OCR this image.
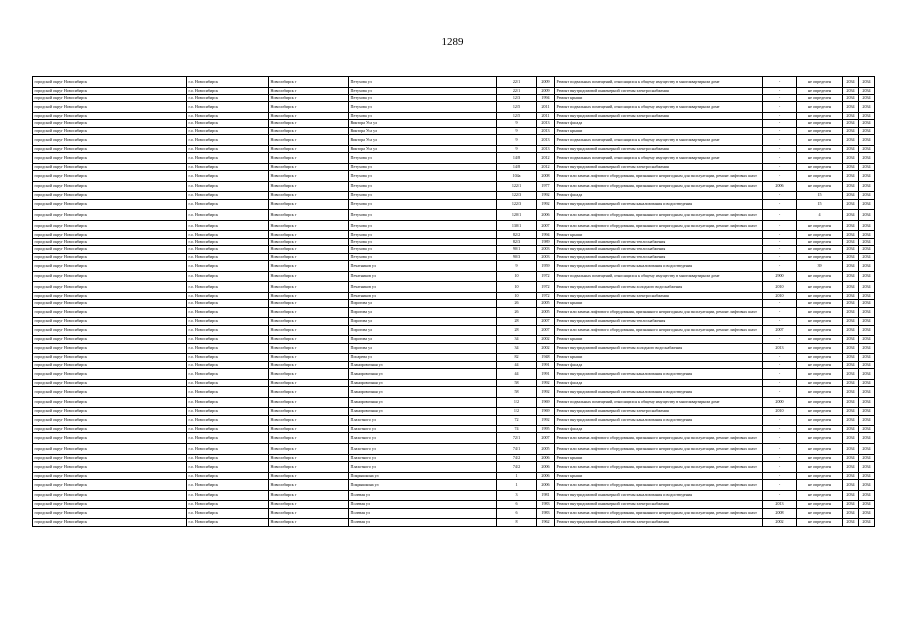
1289
городской округ Новосибирск	г.о. Новосибирск	Новосибирск г	Петухова ул	22/1	2009	Ремонт подвальных помещений, относящихся к общему имуществу в многоквартирном доме	-	не определен	2034	2034
городской округ Новосибирск	г.о. Новосибирск	Новосибирск г	Петухова ул	22/1	2009	Ремонт внутридомовой инженерной системы электроснабжения	-	не определен	2034	2034
городской округ Новосибирск	г.о. Новосибирск	Новосибирск г	Петухова ул	12/3	1994	Ремонт крыши	-	не определен	2034	2034
городской округ Новосибирск	г.о. Новосибирск	Новосибирск г	Петухова ул	12/5	2011	Ремонт подвальных помещений, относящихся к общему имуществу в многоквартирном доме	-	не определен	2034	2034
городской округ Новосибирск	г.о. Новосибирск	Новосибирск г	Петухова ул	12/5	2011	Ремонт внутридомовой инженерной системы электроснабжения	-	не определен	2034	2034
городской округ Новосибирск	г.о. Новосибирск	Новосибирск г	Виктора Уса ул	9	2013	Ремонт фасада	-	не определен	2034	2034
городской округ Новосибирск	г.о. Новосибирск	Новосибирск г	Виктора Уса ул	9	2013	Ремонт крыши	-	не определен	2034	2034
городской округ Новосибирск	г.о. Новосибирск	Новосибирск г	Виктора Уса ул	9	2013	Ремонт подвальных помещений, относящихся к общему имуществу в многоквартирном доме	-	не определен	2034	2034
городской округ Новосибирск	г.о. Новосибирск	Новосибирск г	Виктора Уса ул	9	2013	Ремонт внутридомовой инженерной системы электроснабжения	-	не определен	2034	2034
городской округ Новосибирск	г.о. Новосибирск	Новосибирск г	Петухова ул	14/8	2012	Ремонт подвальных помещений, относящихся к общему имуществу в многоквартирном доме	-	не определен	2034	2034
городской округ Новосибирск	г.о. Новосибирск	Новосибирск г	Петухова ул	14/8	2012	Ремонт внутридомовой инженерной системы электроснабжения	-	не определен	2034	2034
городской округ Новосибирск	г.о. Новосибирск	Новосибирск г	Петухова ул	104а	2008	Ремонт или замена лифтового оборудования, признанного непригодным для эксплуатации, ремонт лифтовых шахт	-	не определен	2034	2034
городской округ Новосибирск	г.о. Новосибирск	Новосибирск г	Петухова ул	122/1	1977	Ремонт или замена лифтового оборудования, признанного непригодным для эксплуатации, ремонт лифтовых шахт	2006	не определен	2034	2034
городской округ Новосибирск	г.о. Новосибирск	Новосибирск г	Петухова ул	122/3	1992	Ремонт фасада	-	15	2034	2034
городской округ Новосибирск	г.о. Новосибирск	Новосибирск г	Петухова ул	122/3	1992	Ремонт внутридомовой инженерной системы канализования и водоотведения	-	15	2034	2034
городской округ Новосибирск	г.о. Новосибирск	Новосибирск г	Петухова ул	120/1	2006	Ремонт или замена лифтового оборудования, признанного непригодным для эксплуатации, ремонт лифтовых шахт	-	4	2034	2034
городской округ Новосибирск	г.о. Новосибирск	Новосибирск г	Петухова ул	130/1	2007	Ремонт или замена лифтового оборудования, признанного непригодным для эксплуатации, ремонт лифтовых шахт	-	не определен	2034	2034
городской округ Новосибирск	г.о. Новосибирск	Новосибирск г	Петухова ул	82/2	1994	Ремонт крыши	-	не определен	2034	2034
городской округ Новосибирск	г.о. Новосибирск	Новосибирск г	Петухова ул	82/3	1989	Ремонт внутридомовой инженерной системы теплоснабжения	-	не определен	2034	2034
городской округ Новосибирск	г.о. Новосибирск	Новосибирск г	Петухова ул	90/1	2003	Ремонт внутридомовой инженерной системы теплоснабжения	-	не определен	2034	2034
городской округ Новосибирск	г.о. Новосибирск	Новосибирск г	Петухова ул	90/3	2003	Ремонт внутридомовой инженерной системы теплоснабжения	-	не определен	2034	2034
городской округ Новосибирск	г.о. Новосибирск	Новосибирск г	Печатников ул	9	1959	Ремонт внутридомовой инженерной системы канализования и водоотведения	-	39	2034	2034
городской округ Новосибирск	г.о. Новосибирск	Новосибирск г	Печатников ул	10	1972	Ремонт подвальных помещений, относящихся к общему имуществу в многоквартирном доме	2900	не определен	2034	2034
городской округ Новосибирск	г.о. Новосибирск	Новосибирск г	Печатников ул	10	1972	Ремонт внутридомовой инженерной системы холодного водоснабжения	2010	не определен	2034	2034
городской округ Новосибирск	г.о. Новосибирск	Новосибирск г	Печатников ул	10	1972	Ремонт внутридомовой инженерной системы электроснабжения	2010	не определен	2034	2034
городской округ Новосибирск	г.о. Новосибирск	Новосибирск г	Пирогова ул	26	2005	Ремонт крыши	-	не определен	2034	2034
городской округ Новосибирск	г.о. Новосибирск	Новосибирск г	Пирогова ул	26	2005	Ремонт или замена лифтового оборудования, признанного непригодным для эксплуатации, ремонт лифтовых шахт	-	не определен	2034	2034
городской округ Новосибирск	г.о. Новосибирск	Новосибирск г	Пирогова ул	28	2007	Ремонт внутридомовой инженерной системы теплоснабжения	-	не определен	2034	2034
городской округ Новосибирск	г.о. Новосибирск	Новосибирск г	Пирогова ул	28	2007	Ремонт или замена лифтового оборудования, признанного непригодным для эксплуатации, ремонт лифтовых шахт	2007	не определен	2034	2034
городской округ Новосибирск	г.о. Новосибирск	Новосибирск г	Пирогова ул	34	2002	Ремонт крыши	-	не определен	2034	2034
городской округ Новосибирск	г.о. Новосибирск	Новосибирск г	Пирогова ул	34	2002	Ремонт внутридомовой инженерной системы холодного водоснабжения	2013	не определен	2034	2034
городской округ Новосибирск	г.о. Новосибирск	Новосибирск г	Писарева ул	82	1948	Ремонт крыши	-	не определен	2034	2034
городской округ Новосибирск	г.о. Новосибирск	Новосибирск г	Планировочная ул	44	1991	Ремонт фасада	-	не определен	2034	2034
городской округ Новосибирск	г.о. Новосибирск	Новосибирск г	Планировочная ул	44	1991	Ремонт внутридомовой инженерной системы канализования и водоотведения	-	не определен	2034	2034
городской округ Новосибирск	г.о. Новосибирск	Новосибирск г	Планировочная ул	58	1992	Ремонт фасада	-	не определен	2034	2034
городской округ Новосибирск	г.о. Новосибирск	Новосибирск г	Планировочная ул	58	1992	Ремонт внутридомовой инженерной системы канализования и водоотведения	-	не определен	2034	2034
городской округ Новосибирск	г.о. Новосибирск	Новосибирск г	Планировочная ул	1/2	1969	Ремонт подвальных помещений, относящихся к общему имуществу в многоквартирном доме	2000	не определен	2034	2034
городской округ Новосибирск	г.о. Новосибирск	Новосибирск г	Планировочная ул	1/2	1969	Ремонт внутридомовой инженерной системы электроснабжения	2010	не определен	2034	2034
городской округ Новосибирск	г.о. Новосибирск	Новосибирск г	Плахотного ул	72	1992	Ремонт внутридомовой инженерной системы канализования и водоотведения	-	не определен	2034	2034
городской округ Новосибирск	г.о. Новосибирск	Новосибирск г	Плахотного ул	74	1995	Ремонт фасада	-	не определен	2034	2034
городской округ Новосибирск	г.о. Новосибирск	Новосибирск г	Плахотного ул	72/1	2007	Ремонт или замена лифтового оборудования, признанного непригодным для эксплуатации, ремонт лифтовых шахт	-	не определен	2034	2034
городской округ Новосибирск	г.о. Новосибирск	Новосибирск г	Плахотного ул	74/1	2005	Ремонт или замена лифтового оборудования, признанного непригодным для эксплуатации, ремонт лифтовых шахт	-	не определен	2034	2034
городской округ Новосибирск	г.о. Новосибирск	Новосибирск г	Плахотного ул	74/2	2006	Ремонт крыши	-	не определен	2034	2034
городской округ Новосибирск	г.о. Новосибирск	Новосибирск г	Плахотного ул	74/2	2006	Ремонт или замена лифтового оборудования, признанного непригодным для эксплуатации, ремонт лифтовых шахт	-	не определен	2034	2034
городской округ Новосибирск	г.о. Новосибирск	Новосибирск г	Покрышкина ул	1	2006	Ремонт крыши	-	не определен	2034	2034
городской округ Новосибирск	г.о. Новосибирск	Новосибирск г	Покрышкина ул	1	2006	Ремонт или замена лифтового оборудования, признанного непригодным для эксплуатации, ремонт лифтовых шахт	-	не определен	2034	2034
городской округ Новосибирск	г.о. Новосибирск	Новосибирск г	Полевая ул	3	1981	Ремонт внутридомовой инженерной системы канализования и водоотведения	-	не определен	2034	2034
городской округ Новосибирск	г.о. Новосибирск	Новосибирск г	Полевая ул	6	1983	Ремонт внутридомовой инженерной системы электроснабжения	2013	не определен	2034	2034
городской округ Новосибирск	г.о. Новосибирск	Новосибирск г	Полевая ул	6	1983	Ремонт или замена лифтового оборудования, признанного непригодным для эксплуатации, ремонт лифтовых шахт	2008	не определен	2034	2034
городской округ Новосибирск	г.о. Новосибирск	Новосибирск г	Полевая ул	8	1962	Ремонт внутридомовой инженерной системы электроснабжения	2002	не определен	2034	2034
